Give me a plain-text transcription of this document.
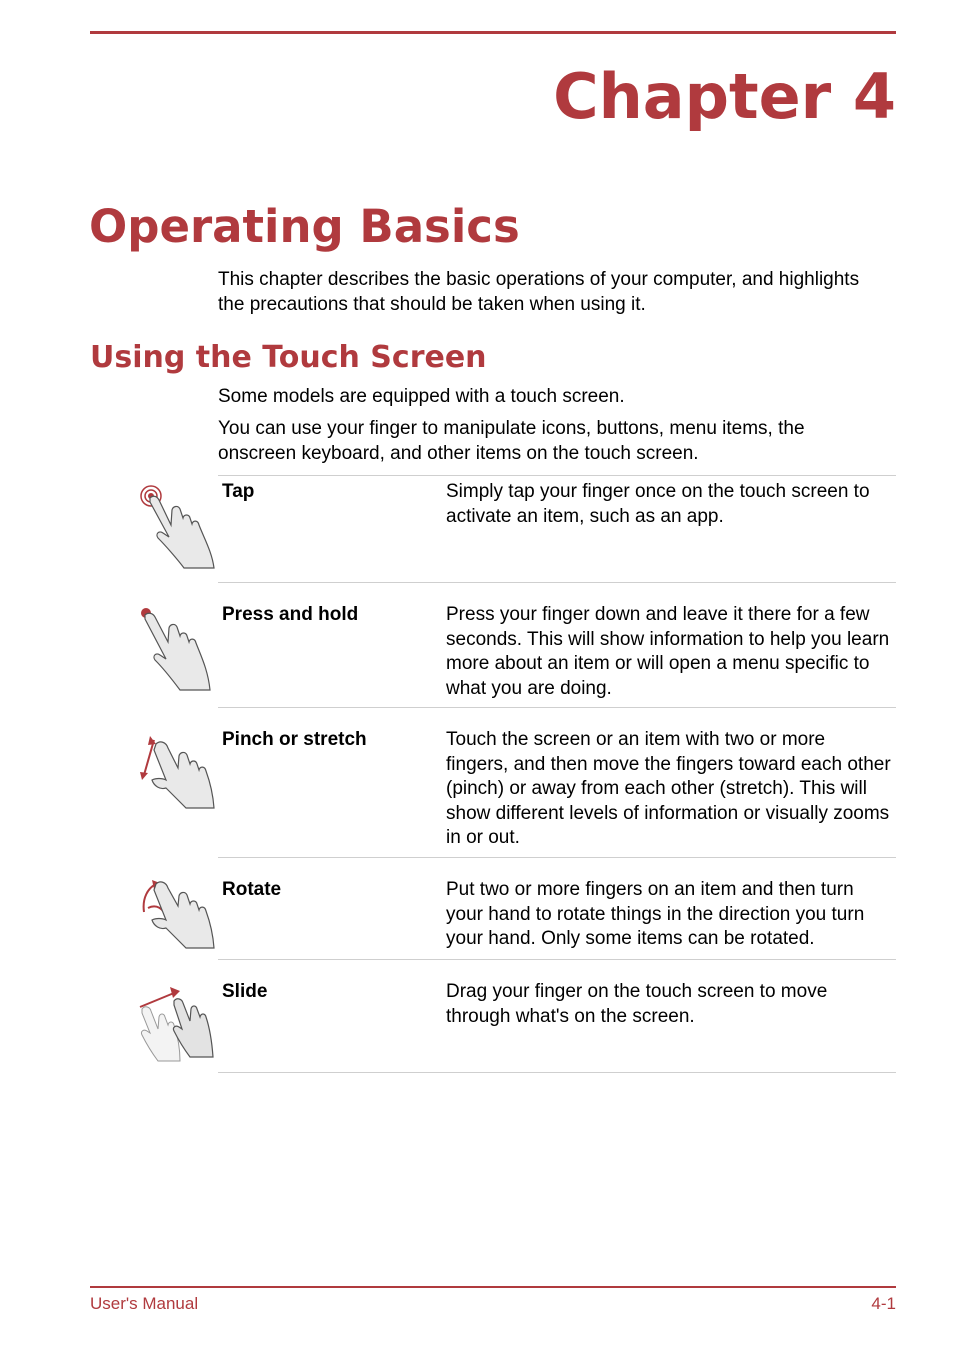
Chapter 4
Operating Basics

This chapter describes the basic operations of your computer, and highlights the precautions that should be taken when using it.

Using the Touch Screen

Some models are equipped with a touch screen.

You can use your finger to manipulate icons, buttons, menu items, the onscreen keyboard, and other items on the touch screen.

Tap	Simply tap your finger once on the touch screen to activate an item, such as an app.
Press and hold	Press your finger down and leave it there for a few seconds. This will show information to help you learn more about an item or will open a menu specific to what you are doing.
Pinch or stretch	Touch the screen or an item with two or more fingers, and then move the fingers toward each other (pinch) or away from each other (stretch). This will show different levels of information or visually zooms in or out.
Rotate	Put two or more fingers on an item and then turn your hand to rotate things in the direction you turn your hand. Only some items can be rotated.
Slide	Drag your finger on the touch screen to move through what's on the screen.
User's Manual	4-1
